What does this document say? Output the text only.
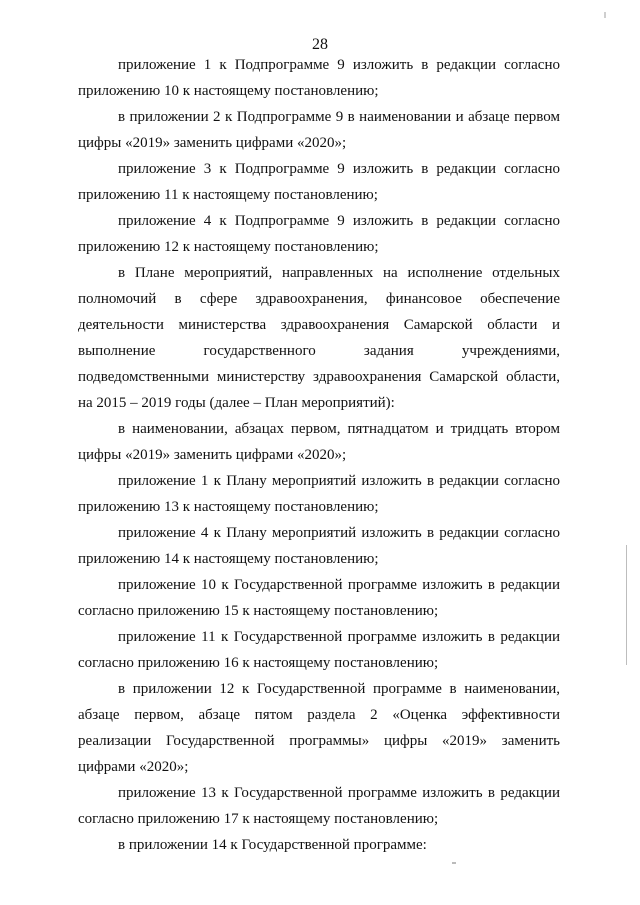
28

приложение 1 к Подпрограмме 9 изложить в редакции согласно приложению 10 к настоящему постановлению;

в приложении 2 к Подпрограмме 9 в наименовании и абзаце первом цифры «2019» заменить цифрами «2020»;

приложение 3 к Подпрограмме 9 изложить в редакции согласно приложению 11 к настоящему постановлению;

приложение 4 к Подпрограмме 9 изложить в редакции согласно приложению 12 к настоящему постановлению;

в Плане мероприятий, направленных на исполнение отдельных полномочий в сфере здравоохранения, финансовое обеспечение деятельности министерства здравоохранения Самарской области и выполнение государственного задания учреждениями, подведомственными министерству здравоохранения Самарской области, на 2015 – 2019 годы (далее – План мероприятий):

в наименовании, абзацах первом, пятнадцатом и тридцать втором цифры «2019» заменить цифрами «2020»;

приложение 1 к Плану мероприятий изложить в редакции согласно приложению 13 к настоящему постановлению;

приложение 4 к Плану мероприятий изложить в редакции согласно приложению 14 к настоящему постановлению;

приложение 10 к Государственной программе изложить в редакции согласно приложению 15 к настоящему постановлению;

приложение 11 к Государственной программе изложить в редакции согласно приложению 16 к настоящему постановлению;

в приложении 12 к Государственной программе в наименовании, абзаце первом, абзаце пятом раздела 2 «Оценка эффективности реализации Государственной программы» цифры «2019» заменить цифрами «2020»;

приложение 13 к Государственной программе изложить в редакции согласно приложению 17 к настоящему постановлению;

в приложении 14 к Государственной программе:
